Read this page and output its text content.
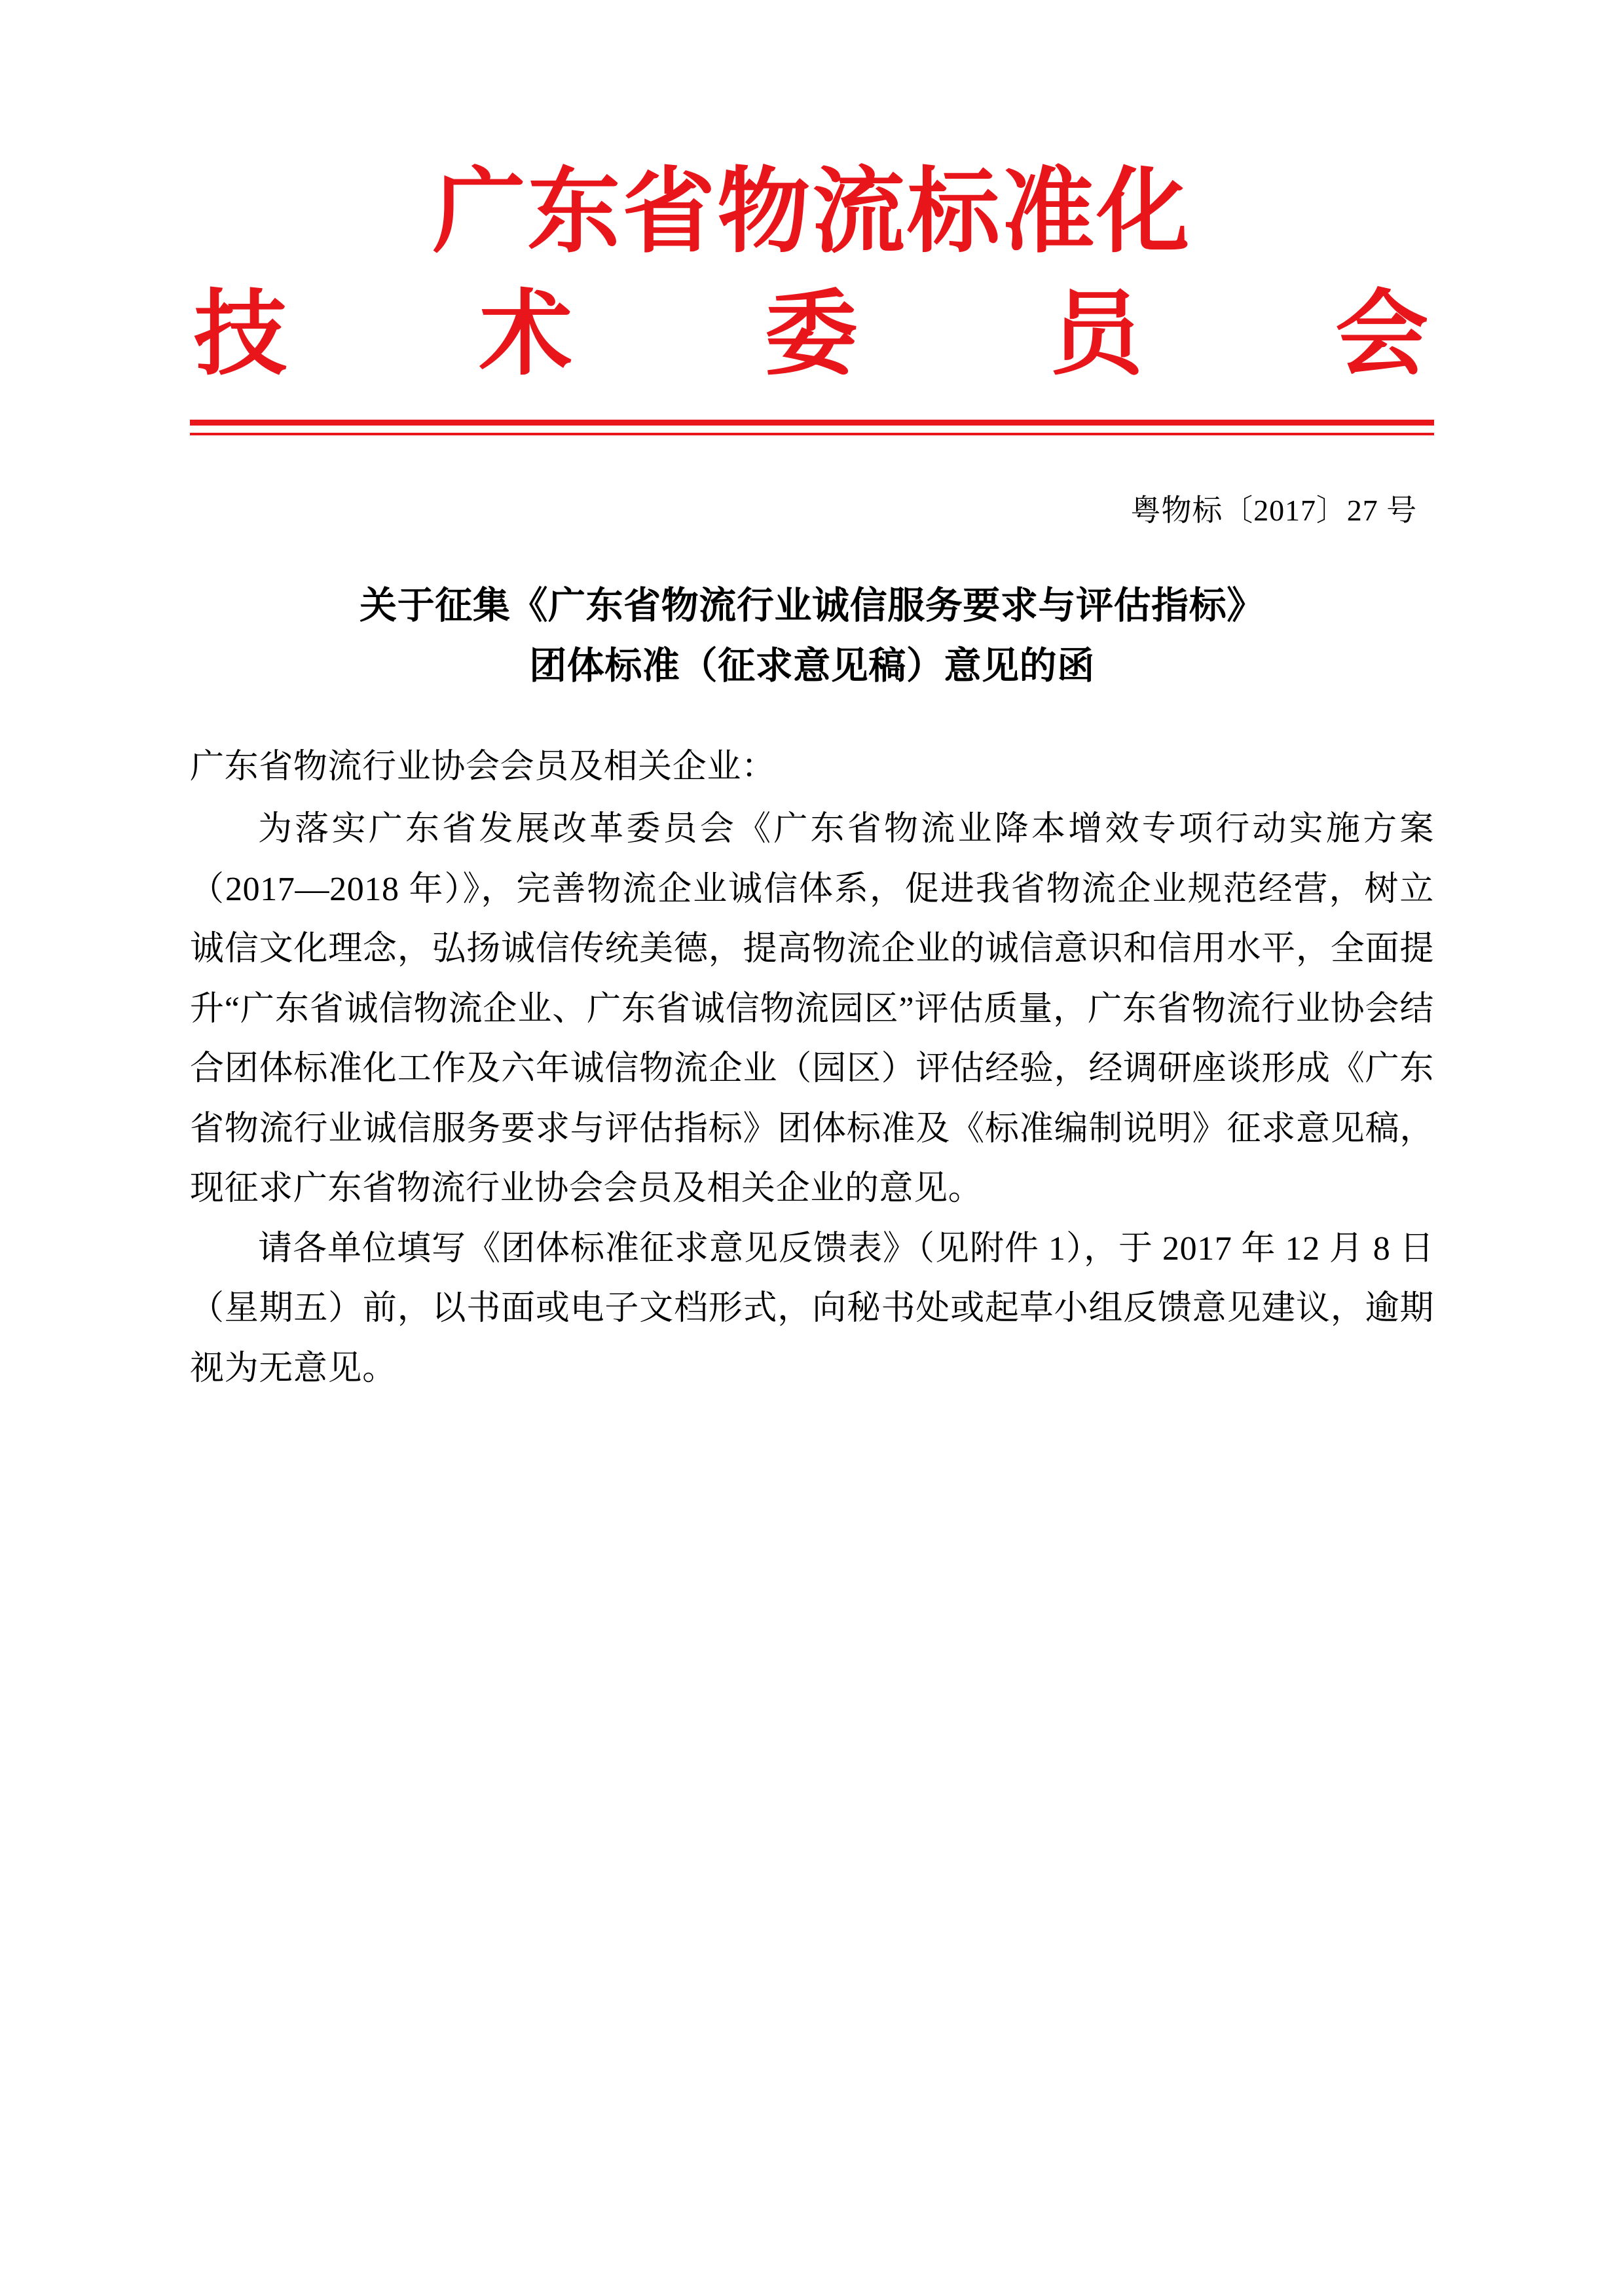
广东省物流标准化
技 术 委 员 会
粤物标〔2017〕27 号
关于征集《广东省物流行业诚信服务要求与评估指标》
团体标准（征求意见稿）意见的函

广东省物流行业协会会员及相关企业：

为落实广东省发展改革委员会《广东省物流业降本增效专项行动实施方案（2017—2018 年）》，完善物流企业诚信体系，促进我省物流企业规范经营，树立诚信文化理念，弘扬诚信传统美德，提高物流企业的诚信意识和信用水平，全面提升“广东省诚信物流企业、广东省诚信物流园区”评估质量，广东省物流行业协会结合团体标准化工作及六年诚信物流企业（园区）评估经验，经调研座谈形成《广东省物流行业诚信服务要求与评估指标》团体标准及《标准编制说明》征求意见稿，现征求广东省物流行业协会会员及相关企业的意见。

请各单位填写《团体标准征求意见反馈表》（见附件 1），于 2017 年 12 月 8 日（星期五）前，以书面或电子文档形式，向秘书处或起草小组反馈意见建议，逾期视为无意见。
